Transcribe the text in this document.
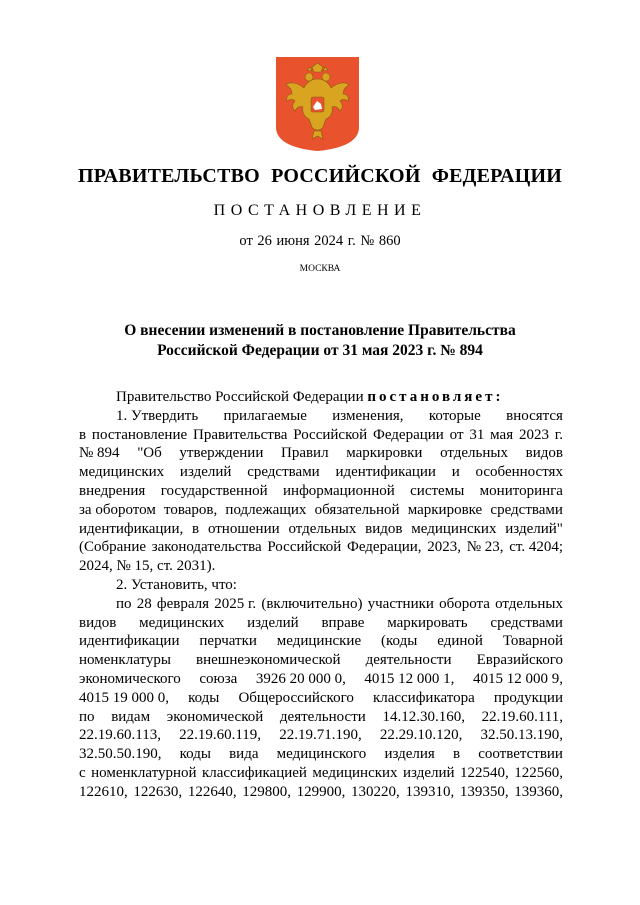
ПРАВИТЕЛЬСТВО РОССИЙСКОЙ ФЕДЕРАЦИИ
ПОСТАНОВЛЕНИЕ
от 26 июня 2024 г. № 860
МОСКВА
О внесении изменений в постановление Правительства
Российской Федерации от 31 мая 2023 г. № 894
Правительство Российской Федерации постановляет:
1. Утвердить прилагаемые изменения, которые вносятся
в постановление Правительства Российской Федерации от 31 мая 2023 г.
№ 894 "Об утверждении Правил маркировки отдельных видов
медицинских изделий средствами идентификации и особенностях
внедрения государственной информационной системы мониторинга
за оборотом товаров, подлежащих обязательной маркировке средствами
идентификации, в отношении отдельных видов медицинских изделий"
(Собрание законодательства Российской Федерации, 2023, № 23, ст. 4204;
2024, № 15, ст. 2031).
2. Установить, что:
по 28 февраля 2025 г. (включительно) участники оборота отдельных
видов медицинских изделий вправе маркировать средствами
идентификации перчатки медицинские (коды единой Товарной
номенклатуры внешнеэкономической деятельности Евразийского
экономического союза 3926 20 000 0, 4015 12 000 1, 4015 12 000 9,
4015 19 000 0, коды Общероссийского классификатора продукции
по видам экономической деятельности 14.12.30.160, 22.19.60.111,
22.19.60.113, 22.19.60.119, 22.19.71.190, 22.29.10.120, 32.50.13.190,
32.50.50.190, коды вида медицинского изделия в соответствии
с номенклатурной классификацией медицинских изделий 122540, 122560,
122610, 122630, 122640, 129800, 129900, 130220, 139310, 139350, 139360,
